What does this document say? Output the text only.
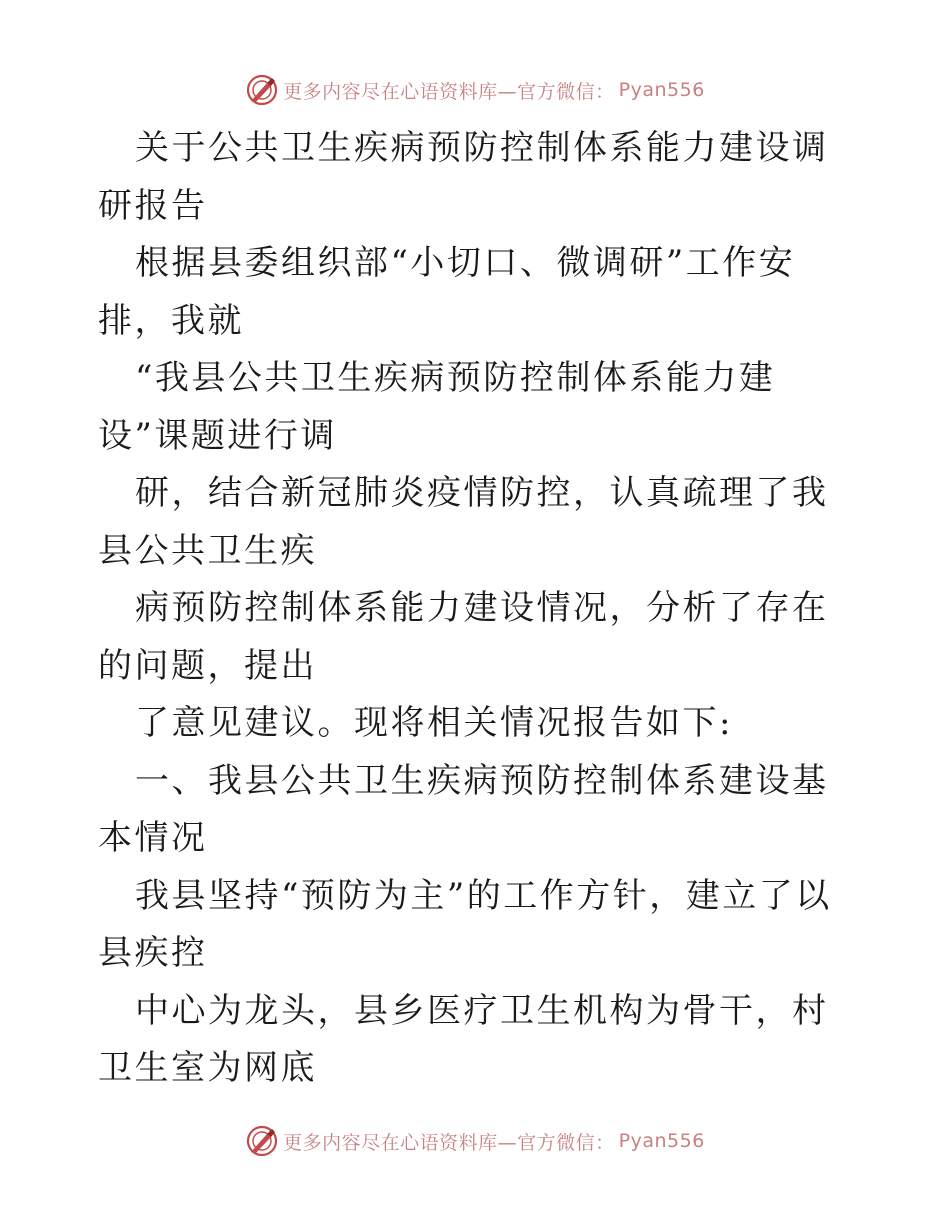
更多内容尽在心语资料库—官方微信： Pyan556

关于公共卫生疾病预防控制体系能力建设调研报告

根据县委组织部“小切口、微调研”工作安排，我就

“我县公共卫生疾病预防控制体系能力建设”课题进行调

研，结合新冠肺炎疫情防控，认真疏理了我县公共卫生疾

病预防控制体系能力建设情况，分析了存在的问题，提出

了意见建议。现将相关情况报告如下:

一、我县公共卫生疾病预防控制体系建设基本情况

我县坚持“预防为主”的工作方针，建立了以县疾控

中心为龙头，县乡医疗卫生机构为骨干，村卫生室为网底

更多内容尽在心语资料库—官方微信： Pyan556
